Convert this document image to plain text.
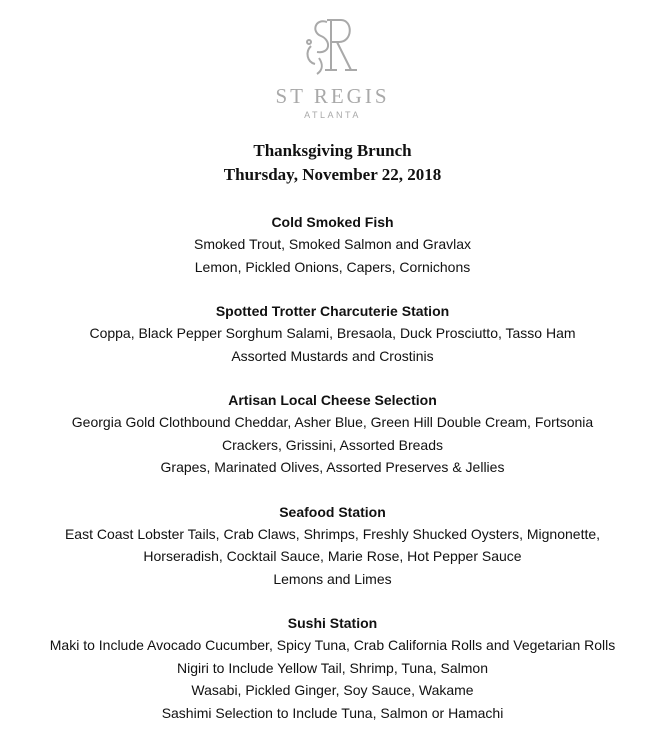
ST REGIS
ATLANTA
Thanksgiving Brunch
Thursday, November 22, 2018
Cold Smoked Fish
Smoked Trout, Smoked Salmon and Gravlax
Lemon, Pickled Onions, Capers, Cornichons
Spotted Trotter Charcuterie Station
Coppa, Black Pepper Sorghum Salami, Bresaola, Duck Prosciutto, Tasso Ham
Assorted Mustards and Crostinis
Artisan Local Cheese Selection
Georgia Gold Clothbound Cheddar, Asher Blue, Green Hill Double Cream, Fortsonia
Crackers, Grissini, Assorted Breads
Grapes, Marinated Olives, Assorted Preserves & Jellies
Seafood Station
East Coast Lobster Tails, Crab Claws, Shrimps, Freshly Shucked Oysters, Mignonette,
Horseradish, Cocktail Sauce, Marie Rose, Hot Pepper Sauce
Lemons and Limes
Sushi Station
Maki to Include Avocado Cucumber, Spicy Tuna, Crab California Rolls and Vegetarian Rolls
Nigiri to Include Yellow Tail, Shrimp, Tuna, Salmon
Wasabi, Pickled Ginger, Soy Sauce, Wakame
Sashimi Selection to Include Tuna, Salmon or Hamachi
